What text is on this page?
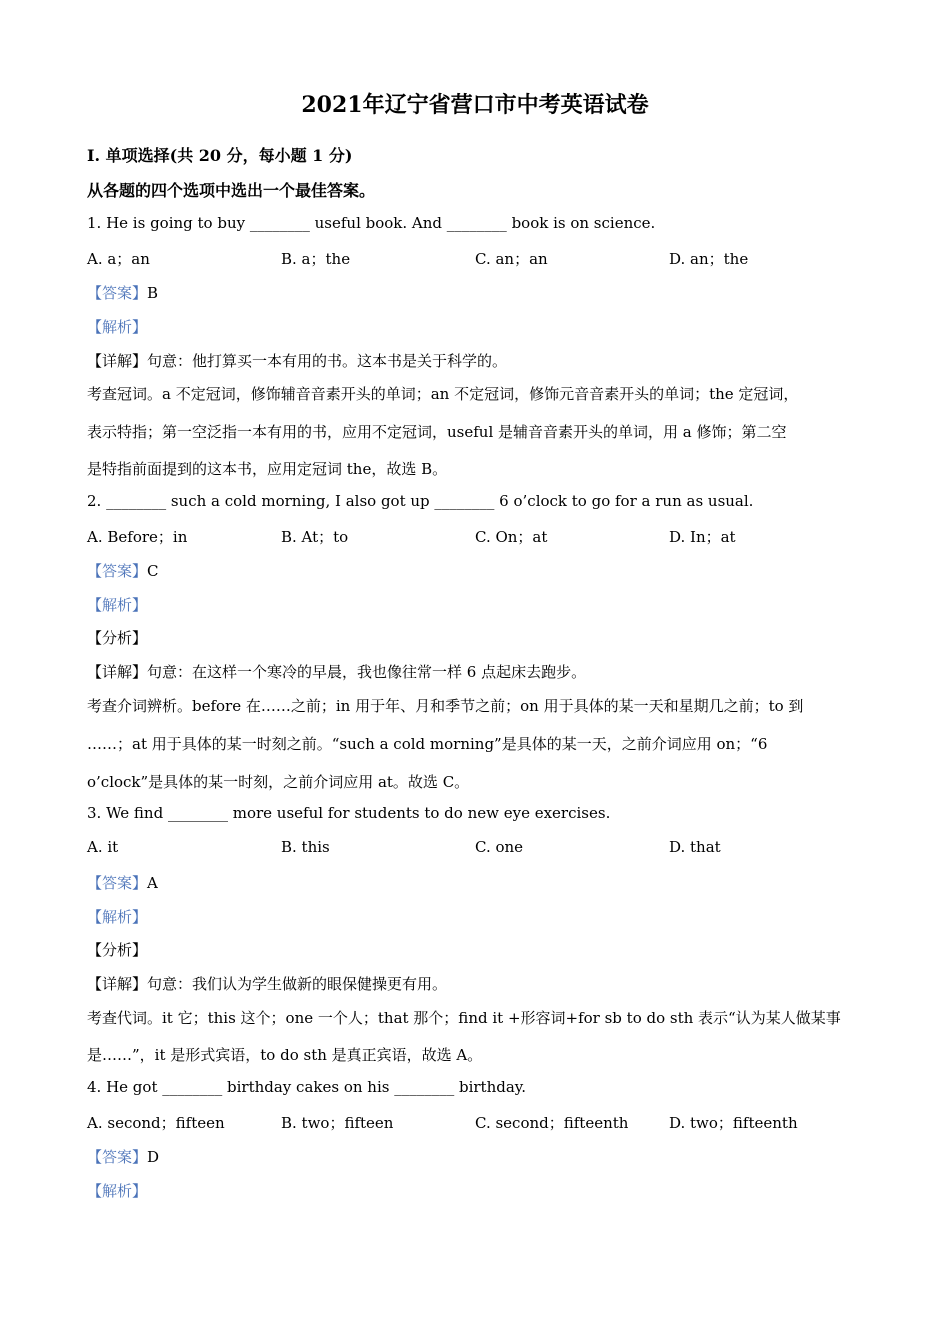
2021年辽宁省营口市中考英语试卷
Ⅰ. 单项选择(共 20 分，每小题 1 分)
从各题的四个选项中选出一个最佳答案。
1. He is going to buy ________ useful book. And ________ book is on science.
A. a；an	B. a；the	C. an；an	D. an；the
【答案】B
【解析】
【详解】句意：他打算买一本有用的书。这本书是关于科学的。
考查冠词。a 不定冠词，修饰辅音音素开头的单词；an 不定冠词，修饰元音音素开头的单词；the 定冠词，
表示特指；第一空泛指一本有用的书，应用不定冠词，useful 是辅音音素开头的单词，用 a 修饰；第二空
是特指前面提到的这本书，应用定冠词 the，故选 B。
2. ________ such a cold morning, I also got up ________ 6 o’clock to go for a run as usual.
A. Before；in	B. At；to	C. On；at	D. In；at
【答案】C
【解析】
【分析】
【详解】句意：在这样一个寒冷的早晨，我也像往常一样 6 点起床去跑步。
考查介词辨析。before 在……之前；in 用于年、月和季节之前；on 用于具体的某一天和星期几之前；to 到
……；at 用于具体的某一时刻之前。“such a cold morning”是具体的某一天，之前介词应用 on；“6
o’clock”是具体的某一时刻，之前介词应用 at。故选 C。
3. We find ________ more useful for students to do new eye exercises.
A. it	B. this	C. one	D. that
【答案】A
【解析】
【分析】
【详解】句意：我们认为学生做新的眼保健操更有用。
考查代词。it 它；this 这个；one 一个人；that 那个；find it +形容词+for sb to do sth 表示“认为某人做某事
是……”，it 是形式宾语，to do sth 是真正宾语，故选 A。
4. He got ________ birthday cakes on his ________ birthday.
A. second；fifteen	B. two；fifteen	C. second；fifteenth	D. two；fifteenth
【答案】D
【解析】
